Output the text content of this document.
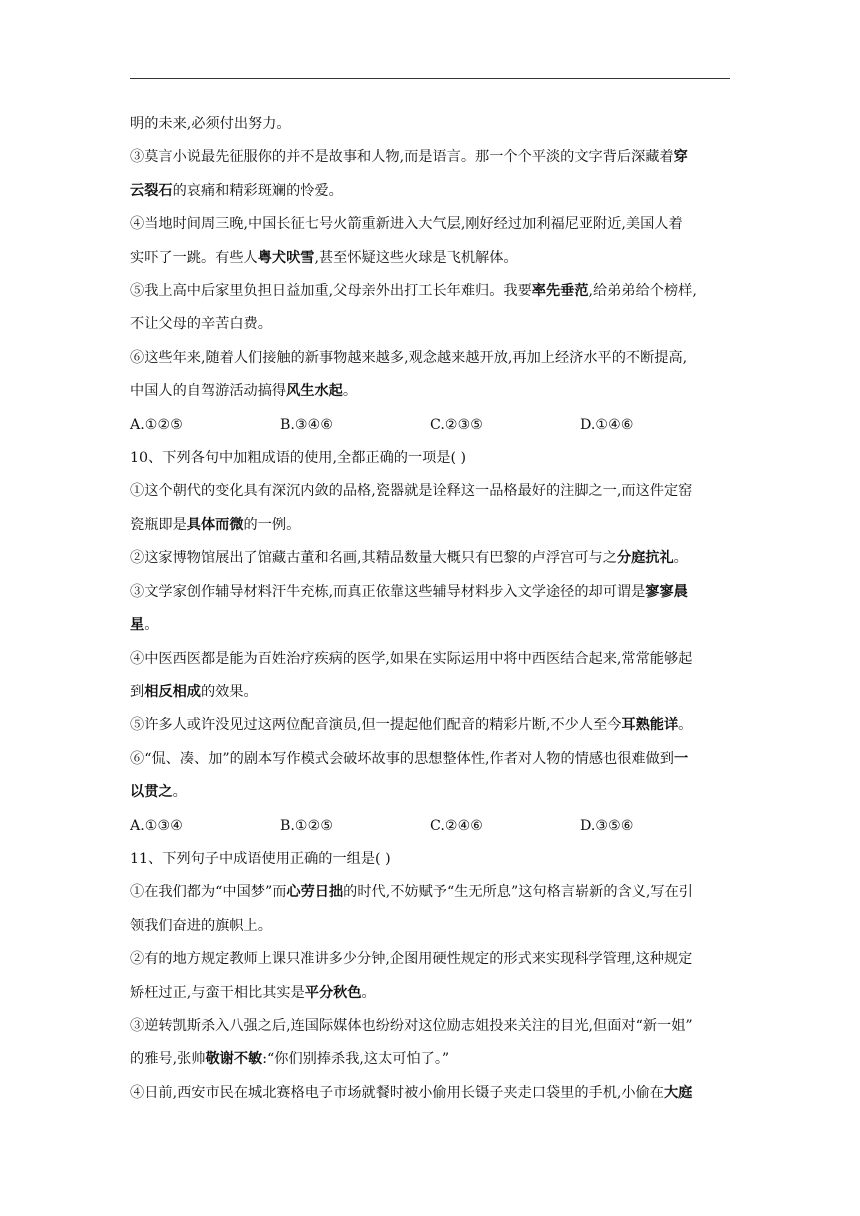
明的未来,必须付出努力。
③莫言小说最先征服你的并不是故事和人物,而是语言。那一个个平淡的文字背后深藏着穿
云裂石的哀痛和精彩斑斓的怜爱。
④当地时间周三晚,中国长征七号火箭重新进入大气层,刚好经过加利福尼亚附近,美国人着
实吓了一跳。有些人粤犬吠雪,甚至怀疑这些火球是飞机解体。
⑤我上高中后家里负担日益加重,父母亲外出打工长年难归。我要率先垂范,给弟弟给个榜样,
不让父母的辛苦白费。
⑥这些年来,随着人们接触的新事物越来越多,观念越来越开放,再加上经济水平的不断提高,
中国人的自驾游活动搞得风生水起。
A.①②⑤	B.③④⑥	C.②③⑤	D.①④⑥
10、下列各句中加粗成语的使用,全都正确的一项是( )
①这个朝代的变化具有深沉内敛的品格,瓷器就是诠释这一品格最好的注脚之一,而这件定窑
瓷瓶即是具体而微的一例。
②这家博物馆展出了馆藏古董和名画,其精品数量大概只有巴黎的卢浮宫可与之分庭抗礼。
③文学家创作辅导材料汗牛充栋,而真正依靠这些辅导材料步入文学途径的却可谓是寥寥晨
星。
④中医西医都是能为百姓治疗疾病的医学,如果在实际运用中将中西医结合起来,常常能够起
到相反相成的效果。
⑤许多人或许没见过这两位配音演员,但一提起他们配音的精彩片断,不少人至今耳熟能详。
⑥“侃、凑、加”的剧本写作模式会破坏故事的思想整体性,作者对人物的情感也很难做到一
以贯之。
A.①③④	B.①②⑤	C.②④⑥	D.③⑤⑥
11、下列句子中成语使用正确的一组是( )
①在我们都为“中国梦”而心劳日拙的时代,不妨赋予“生无所息”这句格言崭新的含义,写在引
领我们奋进的旗帜上。
②有的地方规定教师上课只准讲多少分钟,企图用硬性规定的形式来实现科学管理,这种规定
矫枉过正,与蛮干相比其实是平分秋色。
③逆转凯斯杀入八强之后,连国际媒体也纷纷对这位励志姐投来关注的目光,但面对“新一姐”
的雅号,张帅敬谢不敏:“你们别捧杀我,这太可怕了。”
④日前,西安市民在城北赛格电子市场就餐时被小偷用长镊子夹走口袋里的手机,小偷在大庭
